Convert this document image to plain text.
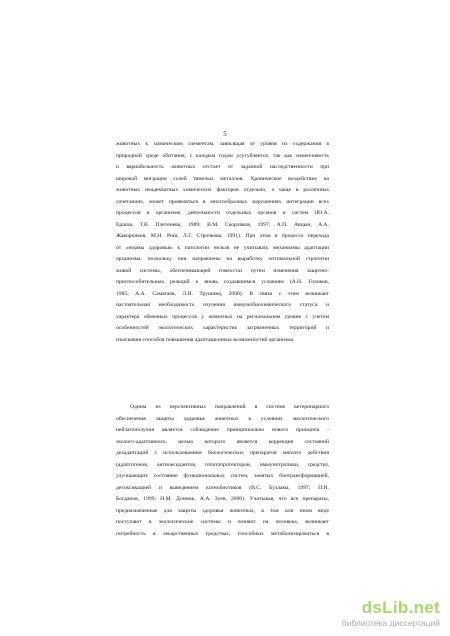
5
животных к химическим элементам, зависящая от уровня их содержания в
природной среде обитания, с каждым годом усугубляется, так как изменчивость
и вариабельность животных отстает от заданной наследственности при
широкой миграции солей тяжелых металлов. Хроническое воздействие на
животных неадекватных химических факторов отдельно, а чаще в различных
сочетаниях, может проявляться в многообразных нарушениях интеграции всех
процессов в организме, деятельности отдельных органов и систем (Ю.А.
Ершов, Т.В. Плетенева, 1989; В.М. Скорляков, 1997; А.П. Авцын, А.А.
Жаворонков, М.Н. Риш, Л.Г. Строчкова, 1991). При этом в процессе перехода
от «нормы здоровья» к патологии нельзя не учитывать механизмы адаптации
организма, поскольку они направлены на выработку оптимальной стратегии
живой системы, обеспечивающей гомеостаз путем изменения защитно-
приспособительных реакций к вновь создавшимся условиям (А.Н. Голиков,
1985; А.А. Саматаев, Л.Н. Трушина, 2000). В связи с этим возникает
настоятельная необходимость изучения иммунобиохимического статуса и
характера обменных процессов у животных на региональном уровне с учетом
особенностей экологических характеристик загрязненных территорий и
изыскания способов повышения адаптационных возможностей организма.
Одним из перспективных направлений в системе ветеринарного
обеспечения защиты здоровья животных в условиях экологического
неблагополучия является соблюдение принципиально нового принципа -
эколого-адаптивного, целью которого является коррекция состояний
дезадаптаций с использованием биологических препаратов мягкого действия
(адаптогенов, антиоксидантов, гепатопротекторов, иммунотропных средств),
улучшающих состояние функциональных систем, занятых биотрансформацией,
детоксикацией и выведением ксенобиотиков (В.С. Бузлама, 1997; П.Н.
Богданов, 1999; И.М. Донник, А.А. Зуев, 2000). Учитывая, что все препараты,
предназначенные для защиты здоровья животных, в том или ином виде
поступают в экологические системы и влияют на человека, возникает
потребность в лекарственных средствах, способных метаболизироваться в
dsLib.net
библиотека диссертаций
